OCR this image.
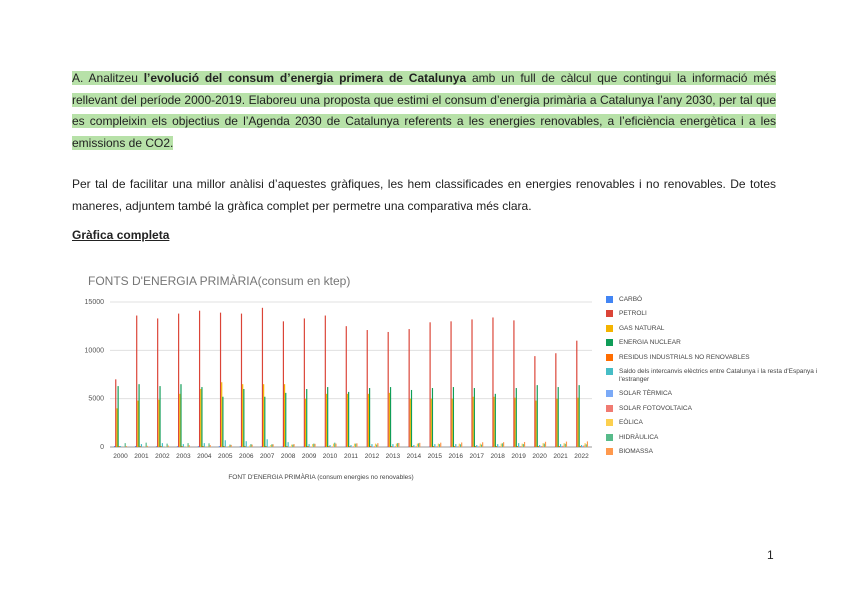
A. Analitzeu l’evolució del consum d’energia primera de Catalunya amb un full de càlcul que contingui la informació més rellevant del període 2000-2019. Elaboreu una proposta que estimi el consum d’energia primària a Catalunya l’any 2030, per tal que es compleixin els objectius de l’Agenda 2030 de Catalunya referents a les energies renovables, a l’eficiència energètica i a les emissions de CO2.

Per tal de facilitar una millor anàlisi d’aquestes gràfiques, les hem classificades en energies renovables i no renovables. De totes maneres, adjuntem també la gràfica complet per permetre una comparativa més clara.

Gràfica completa

FONTS D'ENERGIA PRIMÀRIA(consum en ktep)

0
5000
10000
15000
2000 2001 2002 2003 2004 2005 2006 2007 2008 2009 2010 2011 2012 2013 2014 2015 2016 2017 2018 2019 2020 2021 2022
FONT D'ENERGIA PRIMÀRIA (consum energies no renovables)
CARBÓ
PETROLI
GAS NATURAL
ENERGIA NUCLEAR
RESIDUS INDUSTRIALS NO RENOVABLES
Saldo dels intercanvis elèctrics entre Catalunya i la resta d'Espanya i l'estranger
SOLAR TÈRMICA
SOLAR FOTOVOLTAICA
EÒLICA
HIDRÀULICA
BIOMASSA

1
